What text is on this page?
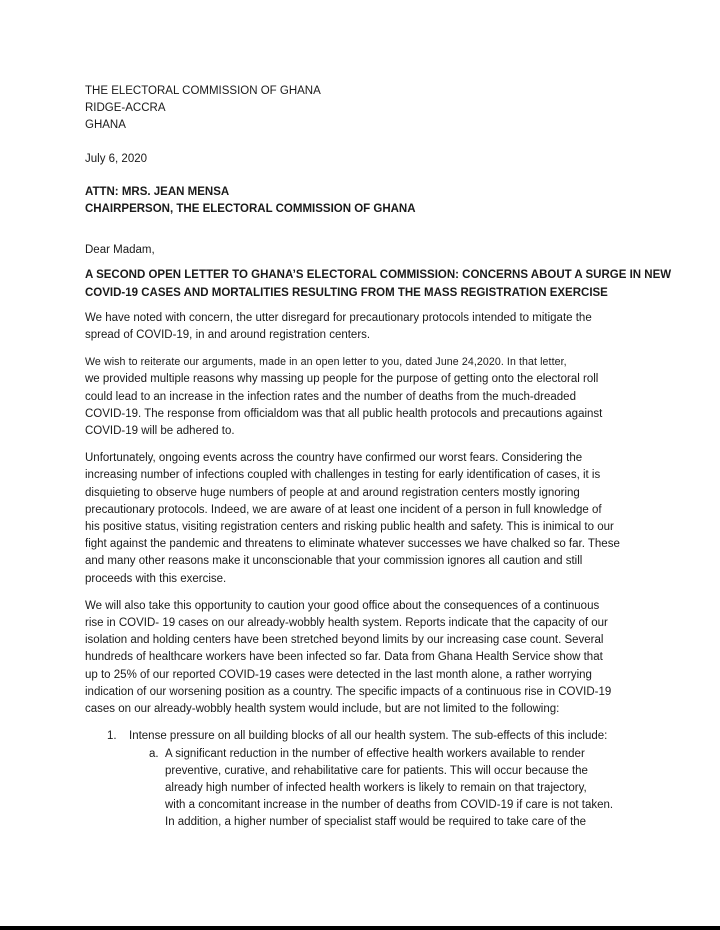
THE ELECTORAL COMMISSION OF GHANA
RIDGE-ACCRA
GHANA
July 6, 2020
ATTN: MRS. JEAN MENSA
CHAIRPERSON, THE ELECTORAL COMMISSION OF GHANA
Dear Madam,
A SECOND OPEN LETTER TO GHANA’S ELECTORAL COMMISSION: CONCERNS ABOUT A SURGE IN NEW
COVID-19 CASES AND MORTALITIES RESULTING FROM THE MASS REGISTRATION EXERCISE
We have noted with concern, the utter disregard for precautionary protocols intended to mitigate the
spread of COVID-19, in and around registration centers.
We wish to reiterate our arguments, made in an open letter to you, dated June 24,2020. In that letter,
we provided multiple reasons why massing up people for the purpose of getting onto the electoral roll
could lead to an increase in the infection rates and the number of deaths from the much-dreaded
COVID-19. The response from officialdom was that all public health protocols and precautions against
COVID-19 will be adhered to.
Unfortunately, ongoing events across the country have confirmed our worst fears. Considering the
increasing number of infections coupled with challenges in testing for early identification of cases, it is
disquieting to observe huge numbers of people at and around registration centers mostly ignoring
precautionary protocols. Indeed, we are aware of at least one incident of a person in full knowledge of
his positive status, visiting registration centers and risking public health and safety. This is inimical to our
fight against the pandemic and threatens to eliminate whatever successes we have chalked so far. These
and many other reasons make it unconscionable that your commission ignores all caution and still
proceeds with this exercise.
We will also take this opportunity to caution your good office about the consequences of a continuous
rise in COVID- 19 cases on our already-wobbly health system. Reports indicate that the capacity of our
isolation and holding centers have been stretched beyond limits by our increasing case count. Several
hundreds of healthcare workers have been infected so far. Data from Ghana Health Service show that
up to 25% of our reported COVID-19 cases were detected in the last month alone, a rather worrying
indication of our worsening position as a country. The specific impacts of a continuous rise in COVID-19
cases on our already-wobbly health system would include, but are not limited to the following:
1.	Intense pressure on all building blocks of all our health system. The sub-effects of this include:
a. A significant reduction in the number of effective health workers available to render
preventive, curative, and rehabilitative care for patients. This will occur because the
already high number of infected health workers is likely to remain on that trajectory,
with a concomitant increase in the number of deaths from COVID-19 if care is not taken.
In addition, a higher number of specialist staff would be required to take care of the
